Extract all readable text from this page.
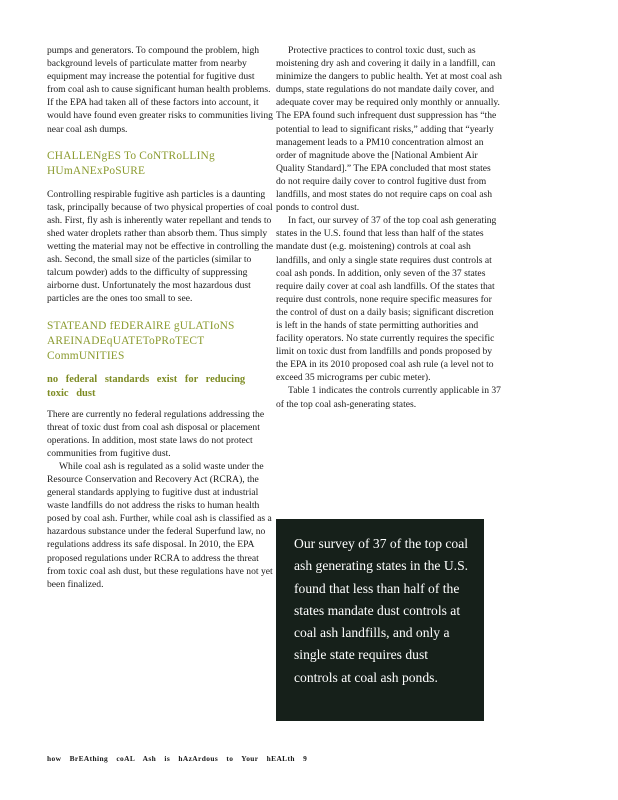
pumps and generators. To compound the problem, high background levels of particulate matter from nearby equipment may increase the potential for fugitive dust from coal ash to cause significant human health problems. If the EPA had taken all of these factors into account, it would have found even greater risks to communities living near coal ash dumps.

CHALLENgES To CoNTRoLLINg HUmANExPoSURE

Controlling respirable fugitive ash particles is a daunting task, principally because of two physical properties of coal ash. First, fly ash is inherently water repellant and tends to shed water droplets rather than absorb them. Thus simply wetting the material may not be effective in controlling the ash. Second, the small size of the particles (similar to talcum powder) adds to the difficulty of suppressing airborne dust. Unfortunately the most hazardous dust particles are the ones too small to see.

STATEAND fEDERAlRE gULATIoNS AREINADEqUATEToPRoTECT CommUNITIES
no federal standards exist for reducing toxic dust

There are currently no federal regulations addressing the threat of toxic dust from coal ash disposal or placement operations. In addition, most state laws do not protect communities from fugitive dust.

While coal ash is regulated as a solid waste under the Resource Conservation and Recovery Act (RCRA), the general standards applying to fugitive dust at industrial waste landfills do not address the risks to human health posed by coal ash. Further, while coal ash is classified as a hazardous substance under the federal Superfund law, no regulations address its safe disposal. In 2010, the EPA proposed regulations under RCRA to address the threat from toxic coal ash dust, but these regulations have not yet been finalized.

Protective practices to control toxic dust, such as moistening dry ash and covering it daily in a landfill, can minimize the dangers to public health. Yet at most coal ash dumps, state regulations do not mandate daily cover, and adequate cover may be required only monthly or annually. The EPA found such infrequent dust suppression has “the potential to lead to significant risks,” adding that “yearly management leads to a PM10 concentration almost an order of magnitude above the [National Ambient Air Quality Standard].” The EPA concluded that most states do not require daily cover to control fugitive dust from landfills, and most states do not require caps on coal ash ponds to control dust.

In fact, our survey of 37 of the top coal ash generating states in the U.S. found that less than half of the states mandate dust (e.g. moistening) controls at coal ash landfills, and only a single state requires dust controls at coal ash ponds. In addition, only seven of the 37 states require daily cover at coal ash landfills. Of the states that require dust controls, none require specific measures for the control of dust on a daily basis; significant discretion is left in the hands of state permitting authorities and facility operators. No state currently requires the specific limit on toxic dust from landfills and ponds proposed by the EPA in its 2010 proposed coal ash rule (a level not to exceed 35 micrograms per cubic meter).

Table 1 indicates the controls currently applicable in 37 of the top coal ash-generating states.

Our survey of 37 of the top coal ash generating states in the U.S. found that less than half of the states mandate dust controls at coal ash landfills, and only a single state requires dust controls at coal ash ponds.

how BrEAthing coAL Ash is hAzArdous to Your hEALth 9
